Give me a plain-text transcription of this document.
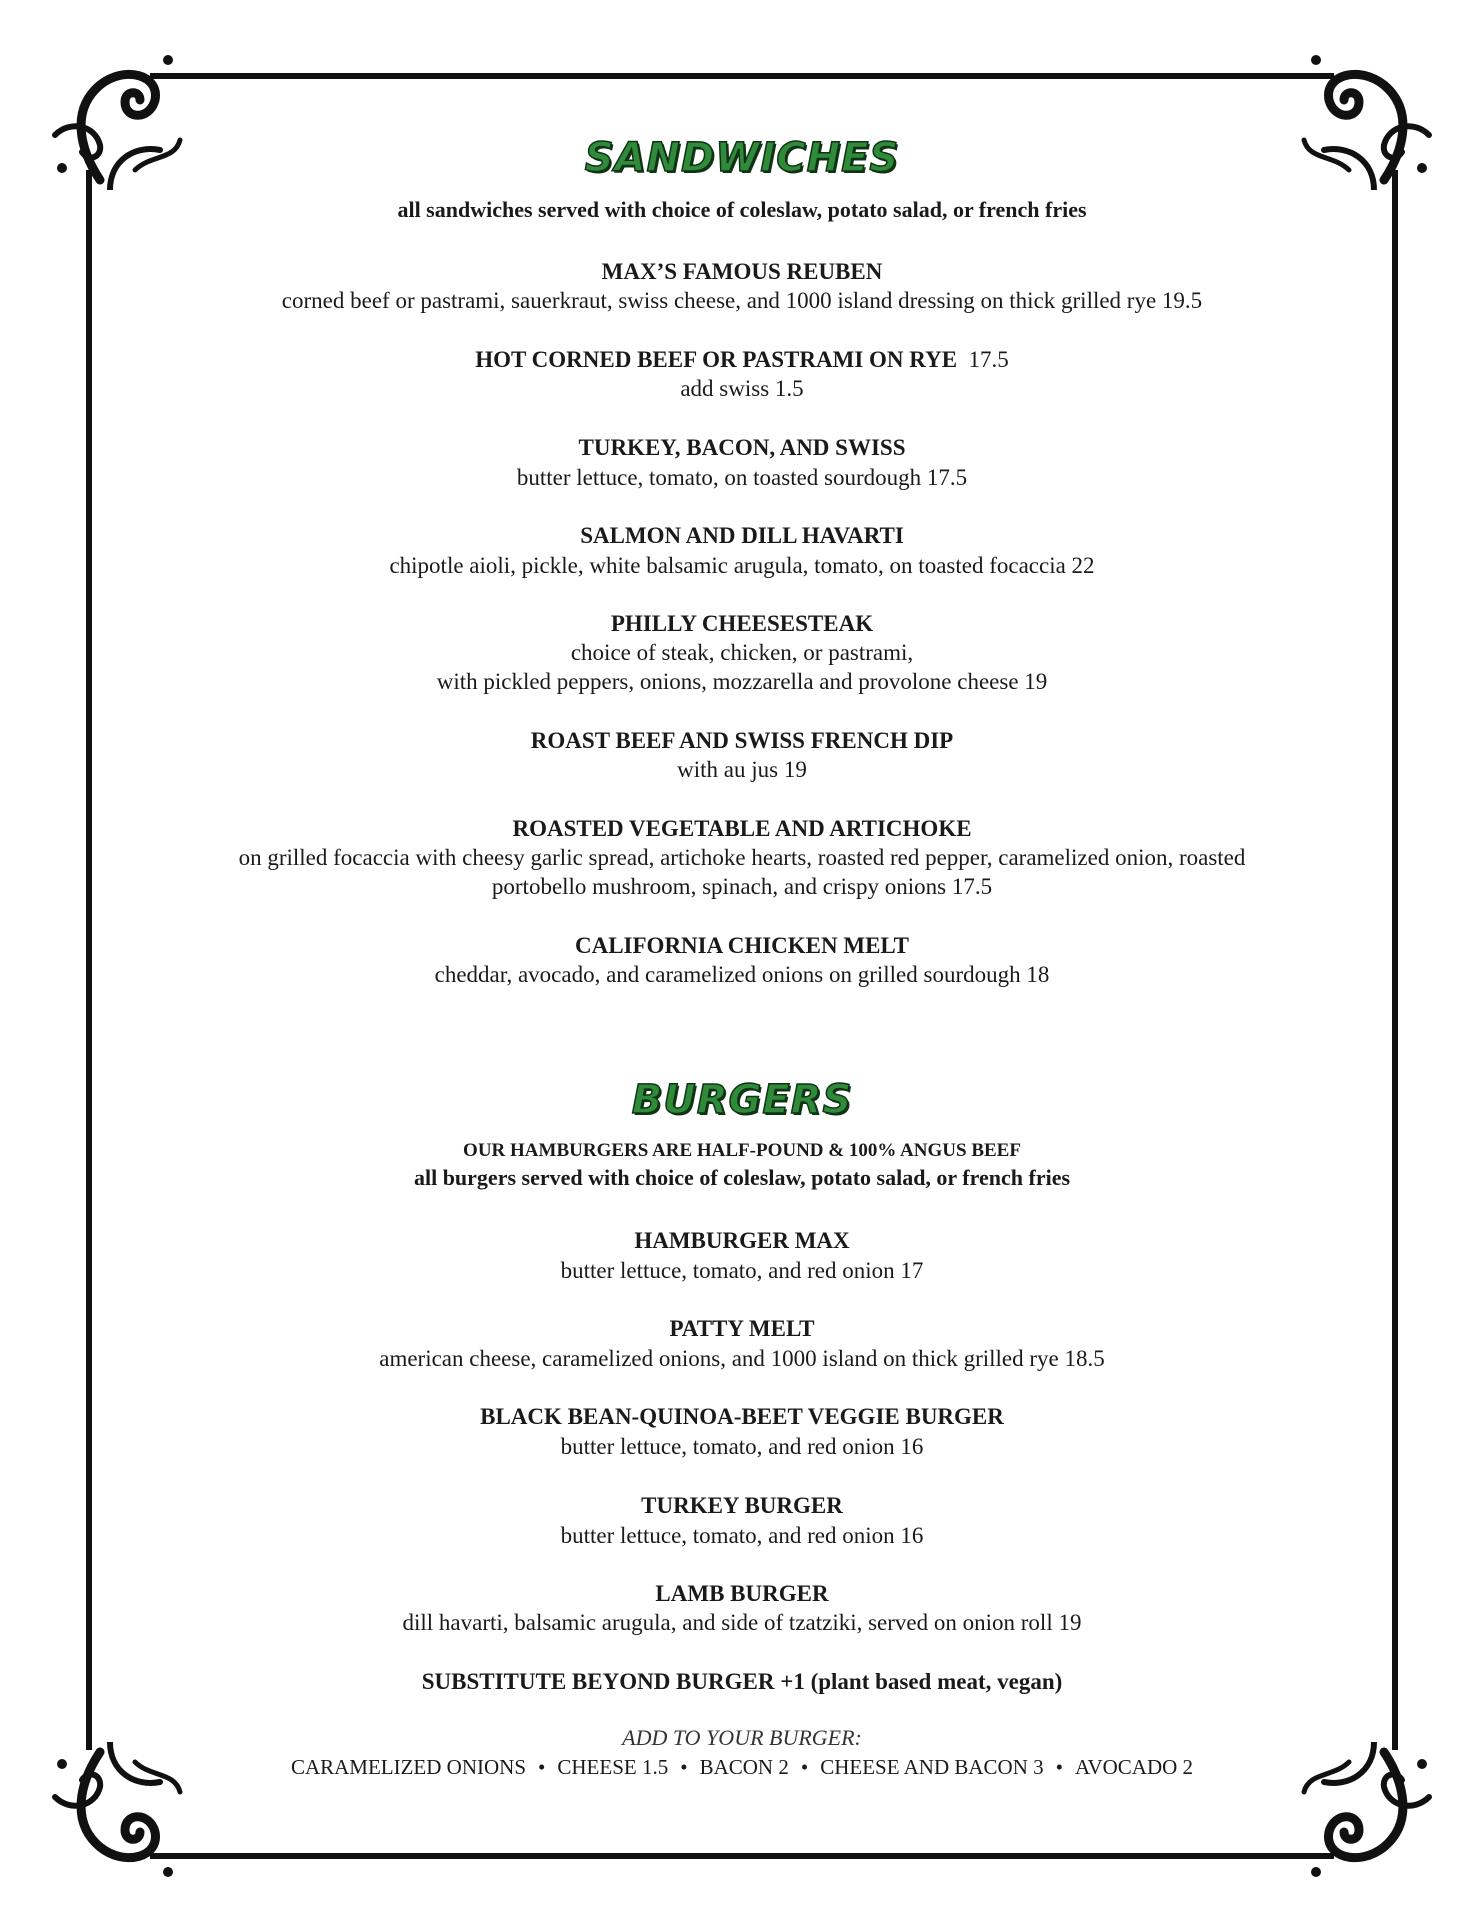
SANDWICHES
all sandwiches served with choice of coleslaw, potato salad, or french fries
MAX’S FAMOUS REUBEN
corned beef or pastrami, sauerkraut, swiss cheese, and 1000 island dressing on thick grilled rye 19.5
HOT CORNED BEEF OR PASTRAMI ON RYE 17.5
add swiss 1.5
TURKEY, BACON, AND SWISS
butter lettuce, tomato, on toasted sourdough 17.5
SALMON AND DILL HAVARTI
chipotle aioli, pickle, white balsamic arugula, tomato, on toasted focaccia 22
PHILLY CHEESESTEAK
choice of steak, chicken, or pastrami,
with pickled peppers, onions, mozzarella and provolone cheese 19
ROAST BEEF AND SWISS FRENCH DIP
with au jus 19
ROASTED VEGETABLE AND ARTICHOKE
on grilled focaccia with cheesy garlic spread, artichoke hearts, roasted red pepper, caramelized onion, roasted
portobello mushroom, spinach, and crispy onions 17.5
CALIFORNIA CHICKEN MELT
cheddar, avocado, and caramelized onions on grilled sourdough 18
BURGERS
OUR HAMBURGERS ARE HALF-POUND & 100% ANGUS BEEF
all burgers served with choice of coleslaw, potato salad, or french fries
HAMBURGER MAX
butter lettuce, tomato, and red onion 17
PATTY MELT
american cheese, caramelized onions, and 1000 island on thick grilled rye 18.5
BLACK BEAN-QUINOA-BEET VEGGIE BURGER
butter lettuce, tomato, and red onion 16
TURKEY BURGER
butter lettuce, tomato, and red onion 16
LAMB BURGER
dill havarti, balsamic arugula, and side of tzatziki, served on onion roll 19
SUBSTITUTE BEYOND BURGER +1 (plant based meat, vegan)
ADD TO YOUR BURGER:
CARAMELIZED ONIONS • CHEESE 1.5 • BACON 2 • CHEESE AND BACON 3 • AVOCADO 2
